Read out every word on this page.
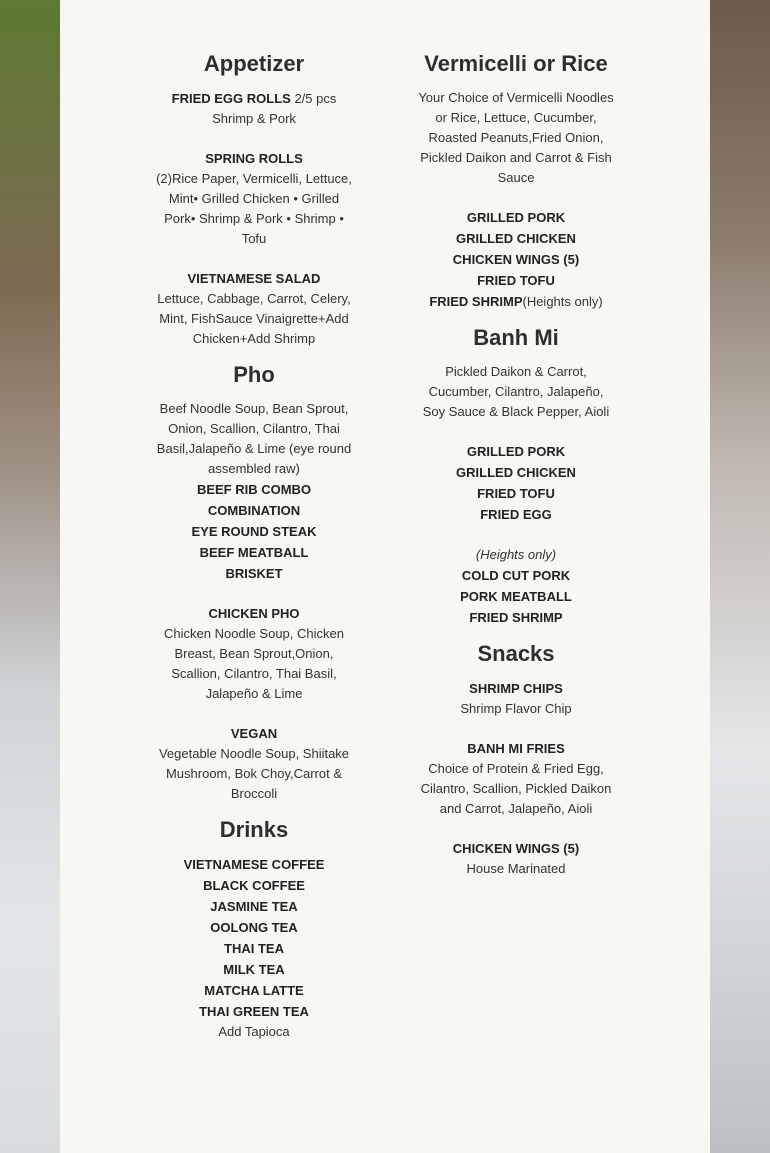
Appetizer
FRIED EGG ROLLS 2/5 pcs
Shrimp & Pork
SPRING ROLLS
(2)Rice Paper, Vermicelli, Lettuce, Mint• Grilled Chicken • Grilled Pork• Shrimp & Pork • Shrimp • Tofu
VIETNAMESE SALAD
Lettuce, Cabbage, Carrot, Celery, Mint, FishSauce Vinaigrette+Add Chicken+Add Shrimp
Pho
Beef Noodle Soup, Bean Sprout, Onion, Scallion, Cilantro, Thai Basil,Jalapeño & Lime (eye round assembled raw)
BEEF RIB COMBO
COMBINATION
EYE ROUND STEAK
BEEF MEATBALL
BRISKET
CHICKEN PHO
Chicken Noodle Soup, Chicken Breast, Bean Sprout,Onion, Scallion, Cilantro, Thai Basil, Jalapeño & Lime
VEGAN
Vegetable Noodle Soup, Shiitake Mushroom, Bok Choy,Carrot & Broccoli
Drinks
VIETNAMESE COFFEE
BLACK COFFEE
JASMINE TEA
OOLONG TEA
THAI TEA
MILK TEA
MATCHA LATTE
THAI GREEN TEA
Add Tapioca
Vermicelli or Rice
Your Choice of Vermicelli Noodles or Rice, Lettuce, Cucumber, Roasted Peanuts,Fried Onion, Pickled Daikon and Carrot & Fish Sauce
GRILLED PORK
GRILLED CHICKEN
CHICKEN WINGS (5)
FRIED TOFU
FRIED SHRIMP(Heights only)
Banh Mi
Pickled Daikon & Carrot, Cucumber, Cilantro, Jalapeño, Soy Sauce & Black Pepper, Aioli
GRILLED PORK
GRILLED CHICKEN
FRIED TOFU
FRIED EGG
(Heights only)
COLD CUT PORK
PORK MEATBALL
FRIED SHRIMP
Snacks
SHRIMP CHIPS
Shrimp Flavor Chip
BANH MI FRIES
Choice of Protein & Fried Egg, Cilantro, Scallion, Pickled Daikon and Carrot, Jalapeño, Aioli
CHICKEN WINGS (5)
House Marinated
